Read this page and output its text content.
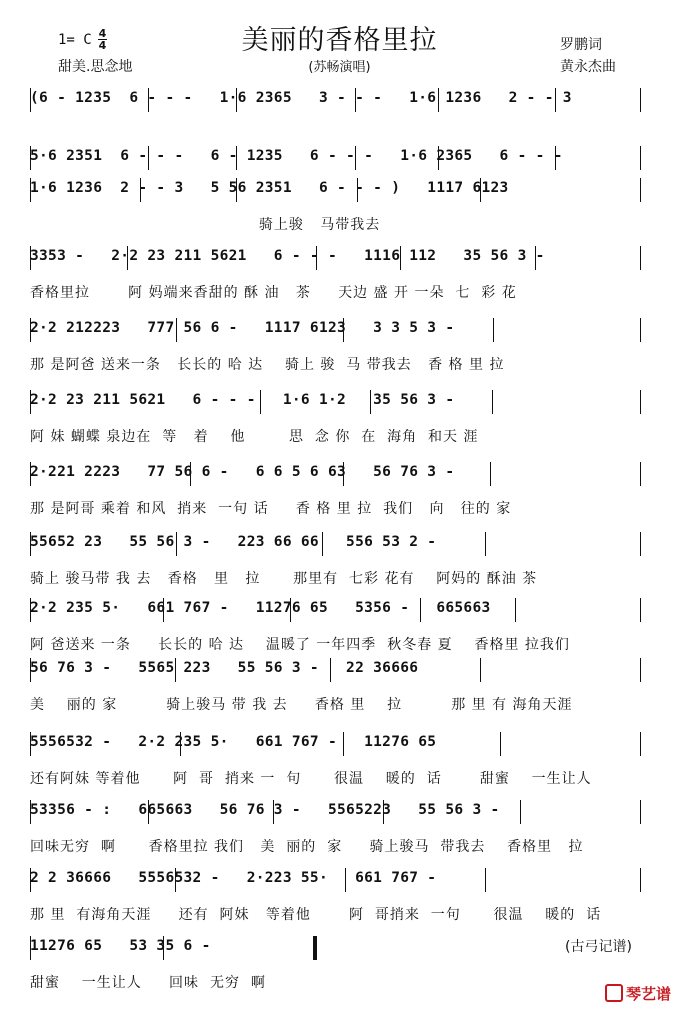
美丽的香格里拉
1= C 4
4
甜美.思念地	(苏畅演唱)
罗鹏词
黄永杰曲
(6 - 1235  6 - - -   1·6 2365   3 - - -   1·6 1236   2 - - 3
5·6 2351  6 - - -   6 - 1235   6 - - -   1·6 2365   6 - - -
1·6 1236  2 - - 3   5 56 2351   6 - - - )   1117 6123
骑上骏   马带我去
3353 -   2·2 23 211 5621   6 - - -   1116 112   35 56 3 -
香格里拉       阿 妈端来香甜的 酥 油   茶     天边 盛 开 一朵  七  彩 花
2·2 212223   777 56 6 -   1117 6123   3 3 5 3 -
那 是阿爸 送来一条   长长的 哈 达    骑上 骏  马 带我去   香 格 里 拉
2·2 23 211 5621   6 - - -   1·6 1·2   35 56 3 -
阿 妹 蝴蝶 泉边在  等   着    他        思  念 你  在  海角  和天 涯
2·221 2223   77 56 6 -   6 6 5 6 63   56 76 3 -
那 是阿哥 乘着 和风  捎来  一句 话     香 格 里 拉  我们   向   往的 家
55652 23   55 56 3 -   223 66 66   556 53 2 -
骑上 骏马带 我 去   香格   里   拉      那里有  七彩 花有    阿妈的 酥油 茶
2·2 235 5·   661 767 -   11276 65   5356 -   665663
阿 爸送来 一条     长长的 哈 达    温暖了 一年四季  秋冬春 夏    香格里 拉我们
56 76 3 -   5565 223   55 56 3 -   22 36666
美    丽的 家         骑上骏马 带 我 去     香格 里    拉         那 里 有 海角天涯
5556532 -   2·2 235 5·   661 767 -   11276 65
还有阿妹 等着他      阿  哥  捎来 一  句      很温    暖的  话       甜蜜    一生让人
53356 - :   665663   56 76 3 -   5565223   55 56 3 -
回味无穷  啊      香格里拉 我们   美  丽的  家     骑上骏马  带我去    香格里   拉
2 2 36666   5556532 -   2·223 55·   661 767 -
那 里  有海角天涯     还有  阿妹   等着他       阿  哥捎来  一句      很温    暖的  话
11276 65   53 35 6 -
甜蜜    一生让人     回味  无穷  啊
(古弓记谱)
琴艺谱
